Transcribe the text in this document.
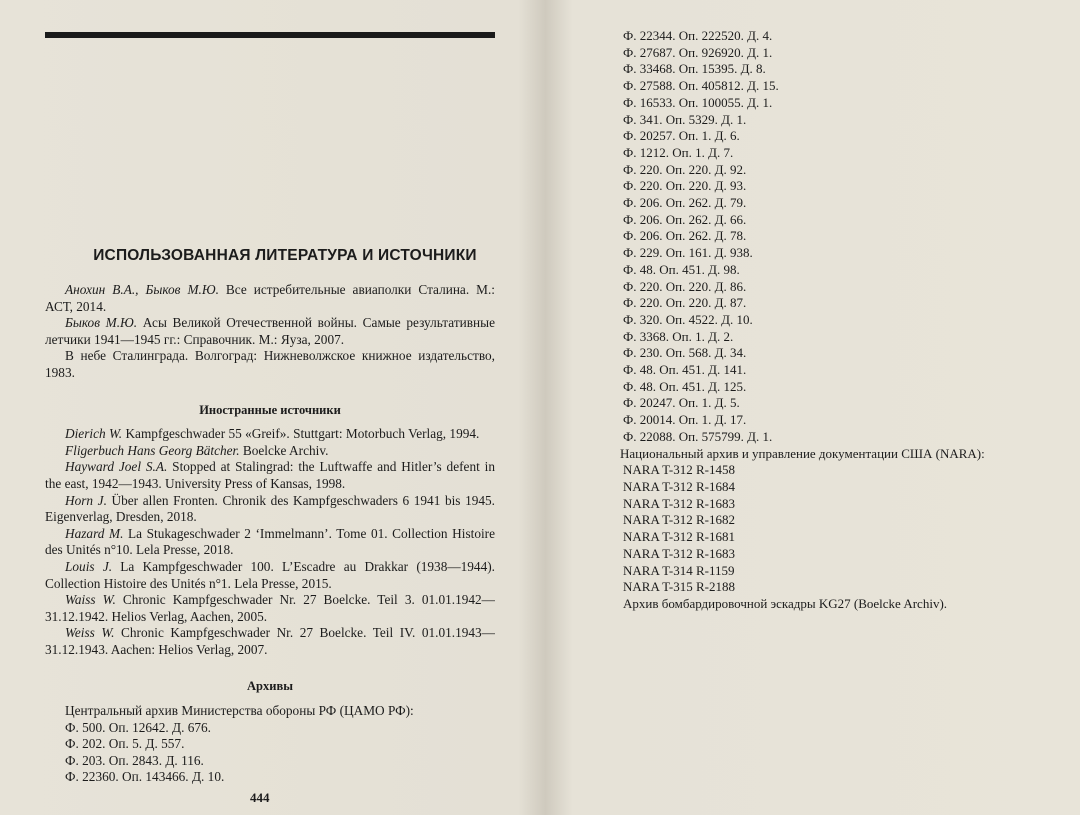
ИСПОЛЬЗОВАННАЯ ЛИТЕРАТУРА И ИСТОЧНИКИ

Анохин В.А., Быков М.Ю. Все истребительные авиаполки Сталина. М.: АСТ, 2014.

Быков М.Ю. Асы Великой Отечественной войны. Самые результативные летчики 1941—1945 гг.: Справочник. М.: Яуза, 2007.

В небе Сталинграда. Волгоград: Нижневолжское книжное издательство, 1983.

Иностранные источники

Dierich W. Kampfgeschwader 55 «Greif». Stuttgart: Motorbuch Verlag, 1994.

Fligerbuch Hans Georg Bätcher. Boelcke Archiv.

Hayward Joel S.A. Stopped at Stalingrad: the Luftwaffe and Hitler’s defent in the east, 1942—1943. University Press of Kansas, 1998.

Horn J. Über allen Fronten. Chronik des Kampfgeschwaders 6 1941 bis 1945. Eigenverlag, Dresden, 2018.

Hazard M. La Stukageschwader 2 ‘Immelmann’. Tome 01. Collection Histoire des Unités n°10. Lela Presse, 2018.

Louis J. La Kampfgeschwader 100. L’Escadre au Drakkar (1938—1944). Collection Histoire des Unités n°1. Lela Presse, 2015.

Waiss W. Chronic Kampfgeschwader Nr. 27 Boelcke. Teil 3. 01.01.1942—31.12.1942. Helios Verlag, Aachen, 2005.

Weiss W. Chronic Kampfgeschwader Nr. 27 Boelcke. Teil IV. 01.01.1943—31.12.1943. Aachen: Helios Verlag, 2007.

Архивы

Центральный архив Министерства обороны РФ (ЦАМО РФ):

Ф. 500. Оп. 12642. Д. 676.

Ф. 202. Оп. 5. Д. 557.

Ф. 203. Оп. 2843. Д. 116.

Ф. 22360. Оп. 143466. Д. 10.

444

Ф. 22344. Оп. 222520. Д. 4.

Ф. 27687. Оп. 926920. Д. 1.

Ф. 33468. Оп. 15395. Д. 8.

Ф. 27588. Оп. 405812. Д. 15.

Ф. 16533. Оп. 100055. Д. 1.

Ф. 341. Оп. 5329. Д. 1.

Ф. 20257. Оп. 1. Д. 6.

Ф. 1212. Оп. 1. Д. 7.

Ф. 220. Оп. 220. Д. 92.

Ф. 220. Оп. 220. Д. 93.

Ф. 206. Оп. 262. Д. 79.

Ф. 206. Оп. 262. Д. 66.

Ф. 206. Оп. 262. Д. 78.

Ф. 229. Оп. 161. Д. 938.

Ф. 48. Оп. 451. Д. 98.

Ф. 220. Оп. 220. Д. 86.

Ф. 220. Оп. 220. Д. 87.

Ф. 320. Оп. 4522. Д. 10.

Ф. 3368. Оп. 1. Д. 2.

Ф. 230. Оп. 568. Д. 34.

Ф. 48. Оп. 451. Д. 141.

Ф. 48. Оп. 451. Д. 125.

Ф. 20247. Оп. 1. Д. 5.

Ф. 20014. Оп. 1. Д. 17.

Ф. 22088. Оп. 575799. Д. 1.

Национальный архив и управление документации США (NARA):

NARA T-312 R-1458

NARA T-312 R-1684

NARA T-312 R-1683

NARA T-312 R-1682

NARA T-312 R-1681

NARA T-312 R-1683

NARA T-314 R-1159

NARA T-315 R-2188

Архив бомбардировочной эскадры KG27 (Boelcke Archiv).
